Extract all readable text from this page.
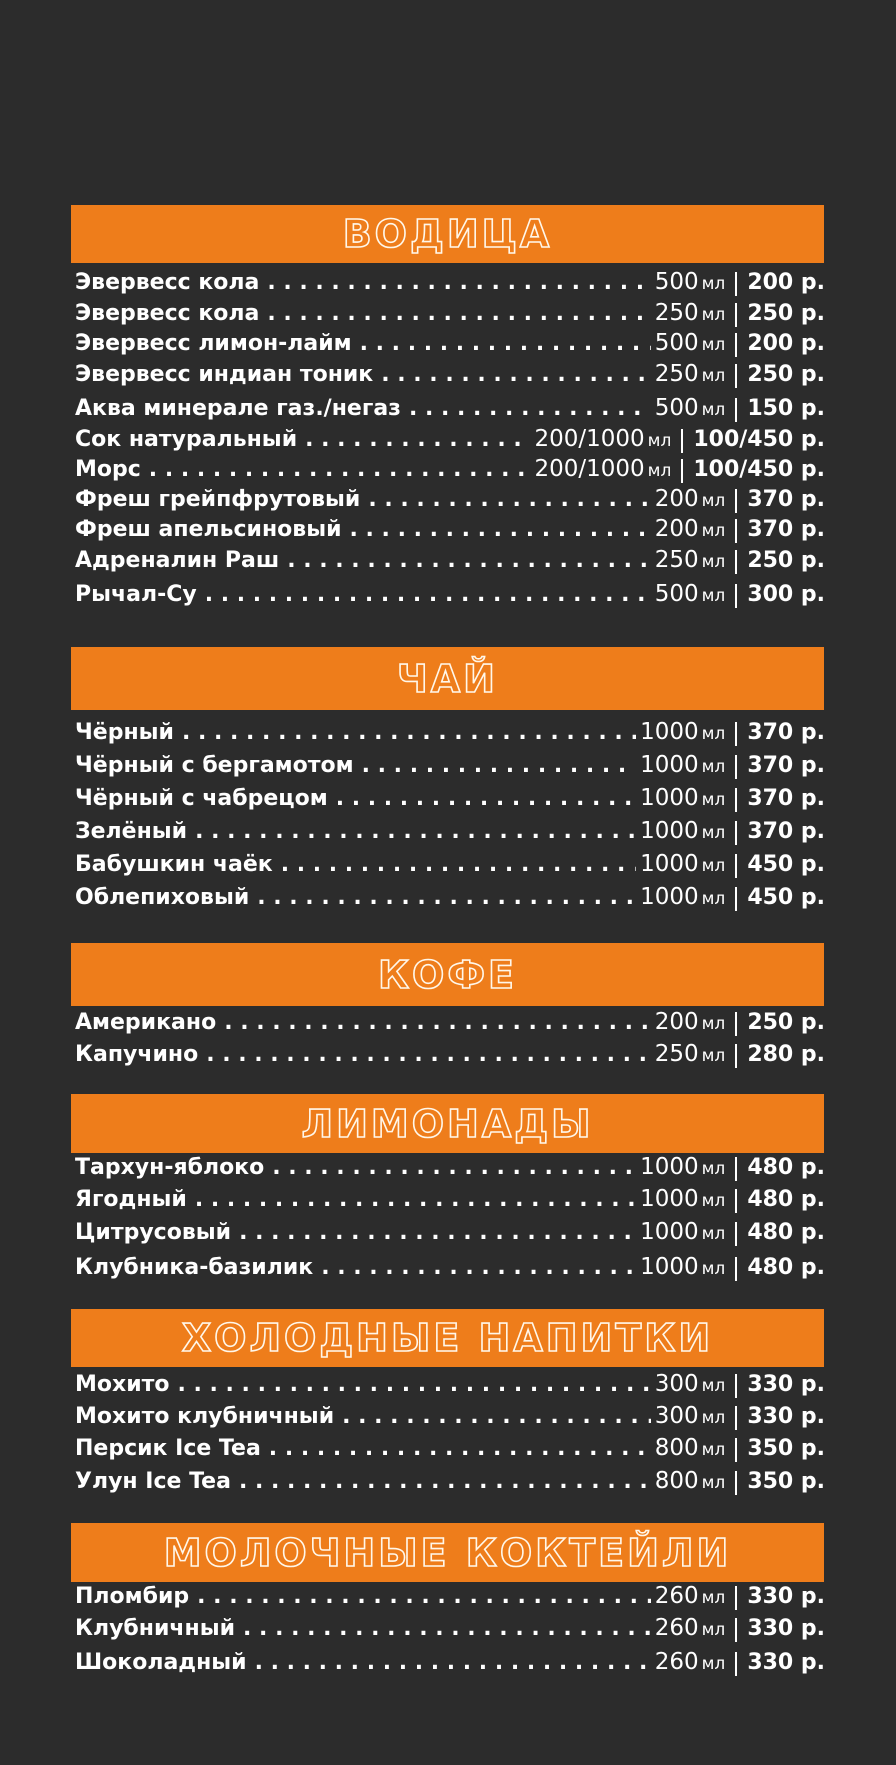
ВОДИЦА
Эвервесс кола . . .	500 мл 200 р.
Эвервесс кола . . .	250 мл 250 р.
Эвервесс лимон-лайм . . .	500 мл 200 р.
Эвервесс индиан тоник . . .	250 мл 250 р.
Аква минерале газ./негаз . . .	500 мл 150 р.
Сок натуральный . . .	200/1000 мл 100/450 р.
Морс . . .	200/1000 мл 100/450 р.
Фреш грейпфрутовый . . .	200 мл 370 р.
Фреш апельсиновый . . .	200 мл 370 р.
Адреналин Раш . . .	250 мл 250 р.
Рычал-Су . . .	500 мл 300 р.
ЧАЙ
Чёрный . . .	1000 мл 370 р.
Чёрный с бергамотом . . .	1000 мл 370 р.
Чёрный с чабрецом . . .	1000 мл 370 р.
Зелёный . . .	1000 мл 370 р.
Бабушкин чаёк . . .	1000 мл 450 р.
Облепиховый . . .	1000 мл 450 р.
КОФЕ
Американо . . .	200 мл 250 р.
Капучино . . .	250 мл 280 р.
ЛИМОНАДЫ
Тархун-яблоко . . .	1000 мл 480 р.
Ягодный . . .	1000 мл 480 р.
Цитрусовый . . .	1000 мл 480 р.
Клубника-базилик . . .	1000 мл 480 р.
ХОЛОДНЫЕ НАПИТКИ
Мохито . . .	300 мл 330 р.
Мохито клубничный . . .	300 мл 330 р.
Персик Ice Tea . . .	800 мл 350 р.
Улун Ice Tea . . .	800 мл 350 р.
МОЛОЧНЫЕ КОКТЕЙЛИ
Пломбир . . .	260 мл 330 р.
Клубничный . . .	260 мл 330 р.
Шоколадный . . .	260 мл 330 р.
